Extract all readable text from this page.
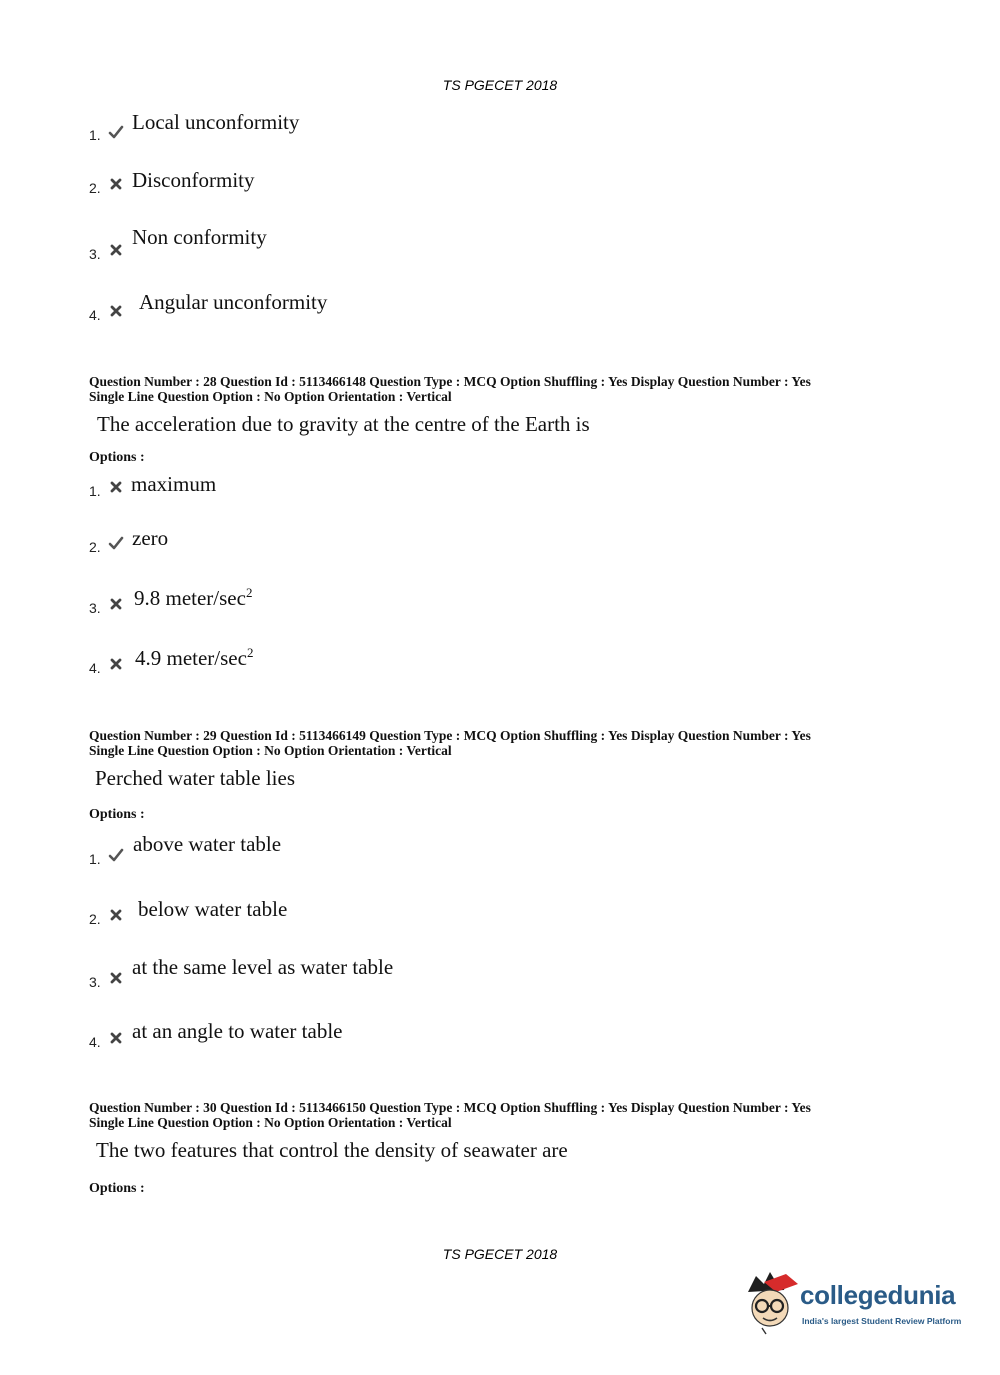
TS PGECET 2018
1.
Local unconformity
2. Disconformity
3.
Non conformity
4.
Angular unconformity
Question Number : 28 Question Id : 5113466148 Question Type : MCQ Option Shuffling : Yes Display Question Number : Yes
Single Line Question Option : No Option Orientation : Vertical
The acceleration due to gravity at the centre of the Earth is
Options :
1. maximum
2. zero
3. 9.8 meter/$\sec^2$
4. 4.9 meter/$\sec^2$
Question Number : 29 Question Id : 5113466149 Question Type : MCQ Option Shuffling : Yes Display Question Number : Yes
Single Line Question Option : No Option Orientation : Vertical
Perched water table lies
Options :
1.
above water table
2. below water table
3.
at the same level as water table
4. at an angle to water table
Question Number : 30 Question Id : 5113466150 Question Type : MCQ Option Shuffling : Yes Display Question Number : Yes
Single Line Question Option : No Option Orientation : Vertical
The two features that control the density of seawater are
Options :
TS PGECET 2018
collegedunia
India's largest Student Review Platform
